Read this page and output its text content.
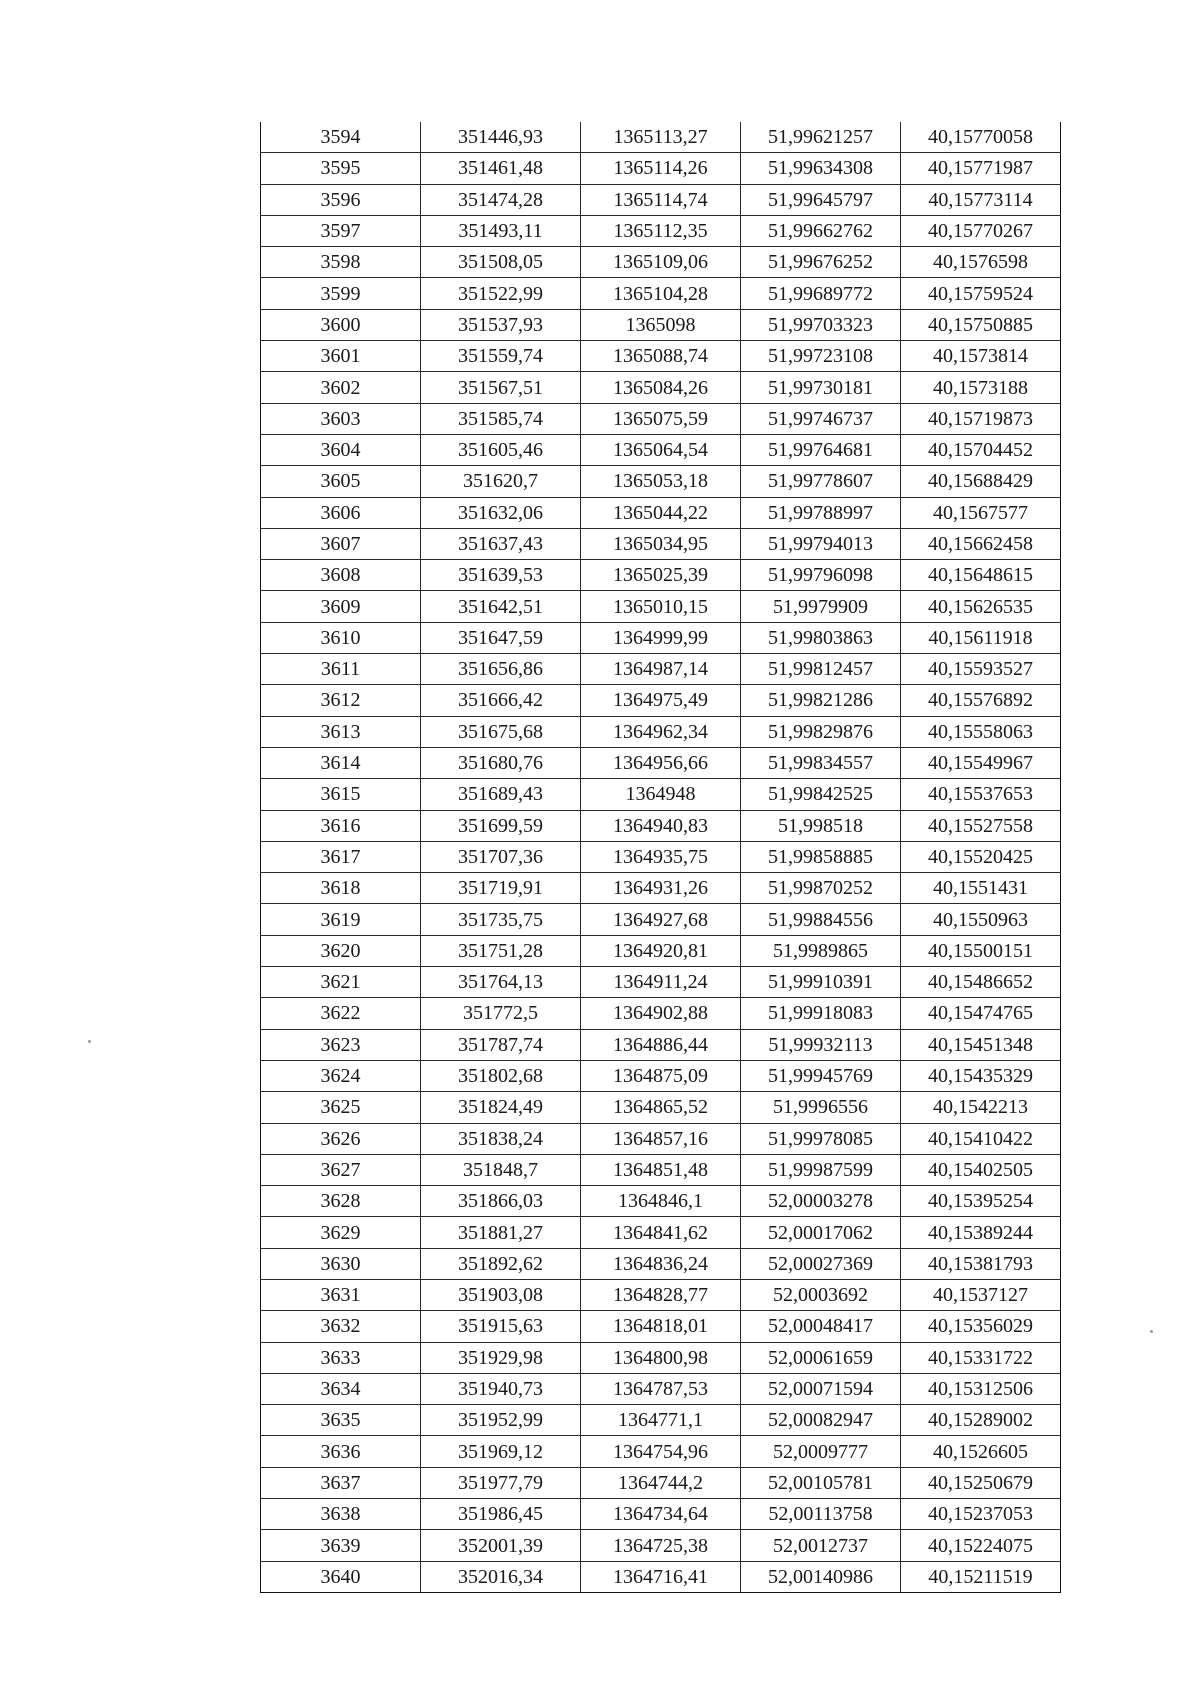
3594	351446,93	1365113,27	51,99621257	40,15770058
3595	351461,48	1365114,26	51,99634308	40,15771987
3596	351474,28	1365114,74	51,99645797	40,15773114
3597	351493,11	1365112,35	51,99662762	40,15770267
3598	351508,05	1365109,06	51,99676252	40,1576598
3599	351522,99	1365104,28	51,99689772	40,15759524
3600	351537,93	1365098	51,99703323	40,15750885
3601	351559,74	1365088,74	51,99723108	40,1573814
3602	351567,51	1365084,26	51,99730181	40,1573188
3603	351585,74	1365075,59	51,99746737	40,15719873
3604	351605,46	1365064,54	51,99764681	40,15704452
3605	351620,7	1365053,18	51,99778607	40,15688429
3606	351632,06	1365044,22	51,99788997	40,1567577
3607	351637,43	1365034,95	51,99794013	40,15662458
3608	351639,53	1365025,39	51,99796098	40,15648615
3609	351642,51	1365010,15	51,9979909	40,15626535
3610	351647,59	1364999,99	51,99803863	40,15611918
3611	351656,86	1364987,14	51,99812457	40,15593527
3612	351666,42	1364975,49	51,99821286	40,15576892
3613	351675,68	1364962,34	51,99829876	40,15558063
3614	351680,76	1364956,66	51,99834557	40,15549967
3615	351689,43	1364948	51,99842525	40,15537653
3616	351699,59	1364940,83	51,998518	40,15527558
3617	351707,36	1364935,75	51,99858885	40,15520425
3618	351719,91	1364931,26	51,99870252	40,1551431
3619	351735,75	1364927,68	51,99884556	40,1550963
3620	351751,28	1364920,81	51,9989865	40,15500151
3621	351764,13	1364911,24	51,99910391	40,15486652
3622	351772,5	1364902,88	51,99918083	40,15474765
3623	351787,74	1364886,44	51,99932113	40,15451348
3624	351802,68	1364875,09	51,99945769	40,15435329
3625	351824,49	1364865,52	51,9996556	40,1542213
3626	351838,24	1364857,16	51,99978085	40,15410422
3627	351848,7	1364851,48	51,99987599	40,15402505
3628	351866,03	1364846,1	52,00003278	40,15395254
3629	351881,27	1364841,62	52,00017062	40,15389244
3630	351892,62	1364836,24	52,00027369	40,15381793
3631	351903,08	1364828,77	52,0003692	40,1537127
3632	351915,63	1364818,01	52,00048417	40,15356029
3633	351929,98	1364800,98	52,00061659	40,15331722
3634	351940,73	1364787,53	52,00071594	40,15312506
3635	351952,99	1364771,1	52,00082947	40,15289002
3636	351969,12	1364754,96	52,0009777	40,1526605
3637	351977,79	1364744,2	52,00105781	40,15250679
3638	351986,45	1364734,64	52,00113758	40,15237053
3639	352001,39	1364725,38	52,0012737	40,15224075
3640	352016,34	1364716,41	52,00140986	40,15211519
